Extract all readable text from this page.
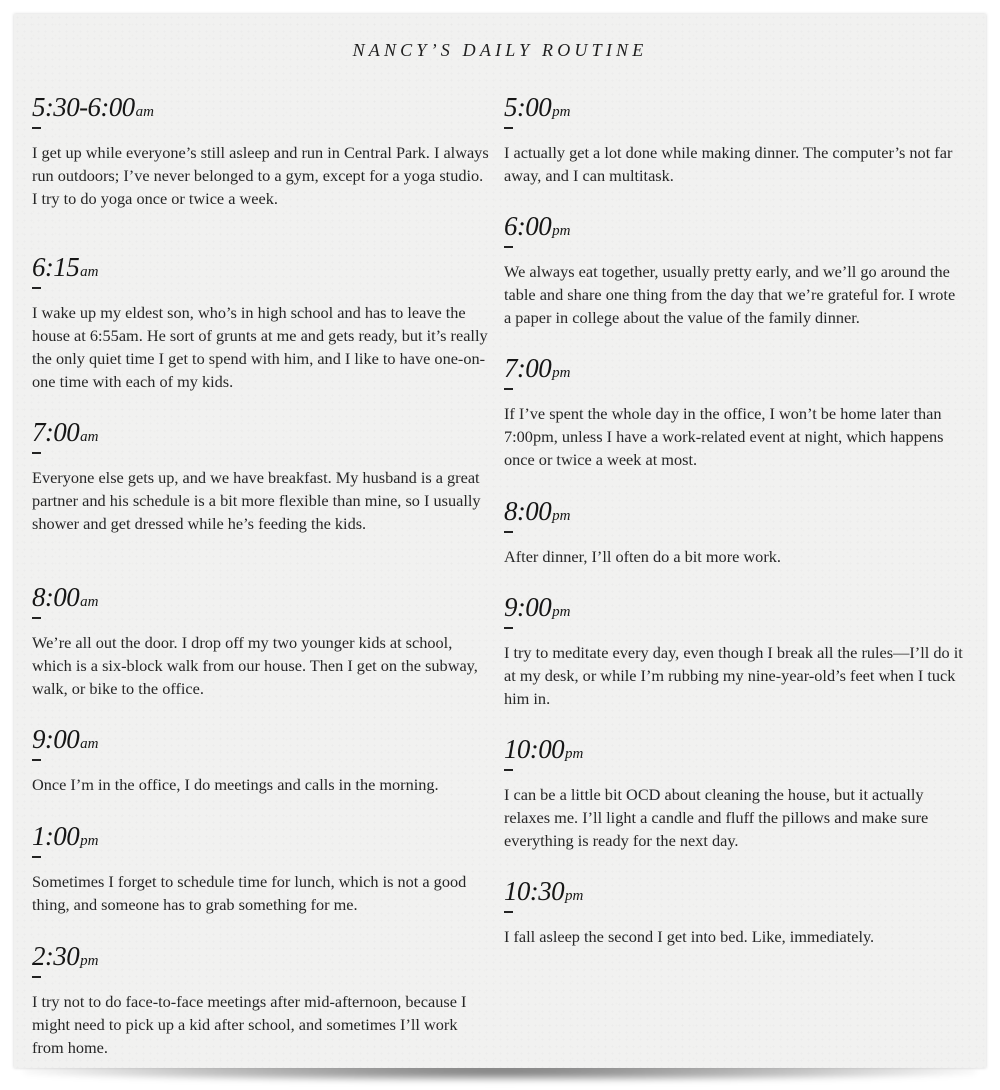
NANCY’S DAILY ROUTINE
5:30-6:00am

I get up while everyone’s still asleep and run in Central Park. I always run outdoors; I’ve never belonged to a gym, except for a yoga studio. I try to do yoga once or twice a week.

6:15am

I wake up my eldest son, who’s in high school and has to leave the house at 6:55am. He sort of grunts at me and gets ready, but it’s really the only quiet time I get to spend with him, and I like to have one-on-one time with each of my kids.

7:00am

Everyone else gets up, and we have breakfast. My husband is a great partner and his schedule is a bit more flexible than mine, so I usually shower and get dressed while he’s feeding the kids.

8:00am

We’re all out the door. I drop off my two younger kids at school, which is a six-block walk from our house. Then I get on the subway, walk, or bike to the office.

9:00am

Once I’m in the office, I do meetings and calls in the morning.

1:00pm

Sometimes I forget to schedule time for lunch, which is not a good thing, and someone has to grab something for me.

2:30pm

I try not to do face-to-face meetings after mid-afternoon, because I might need to pick up a kid after school, and sometimes I’ll work from home.

5:00pm

I actually get a lot done while making dinner. The computer’s not far away, and I can multitask.

6:00pm

We always eat together, usually pretty early, and we’ll go around the table and share one thing from the day that we’re grateful for. I wrote a paper in college about the value of the family dinner.

7:00pm

If I’ve spent the whole day in the office, I won’t be home later than 7:00pm, unless I have a work-related event at night, which happens once or twice a week at most.

8:00pm

After dinner, I’ll often do a bit more work.

9:00pm

I try to meditate every day, even though I break all the rules—I’ll do it at my desk, or while I’m rubbing my nine-year-old’s feet when I tuck him in.

10:00pm

I can be a little bit OCD about cleaning the house, but it actually relaxes me. I’ll light a candle and fluff the pillows and make sure everything is ready for the next day.

10:30pm

I fall asleep the second I get into bed. Like, immediately.
